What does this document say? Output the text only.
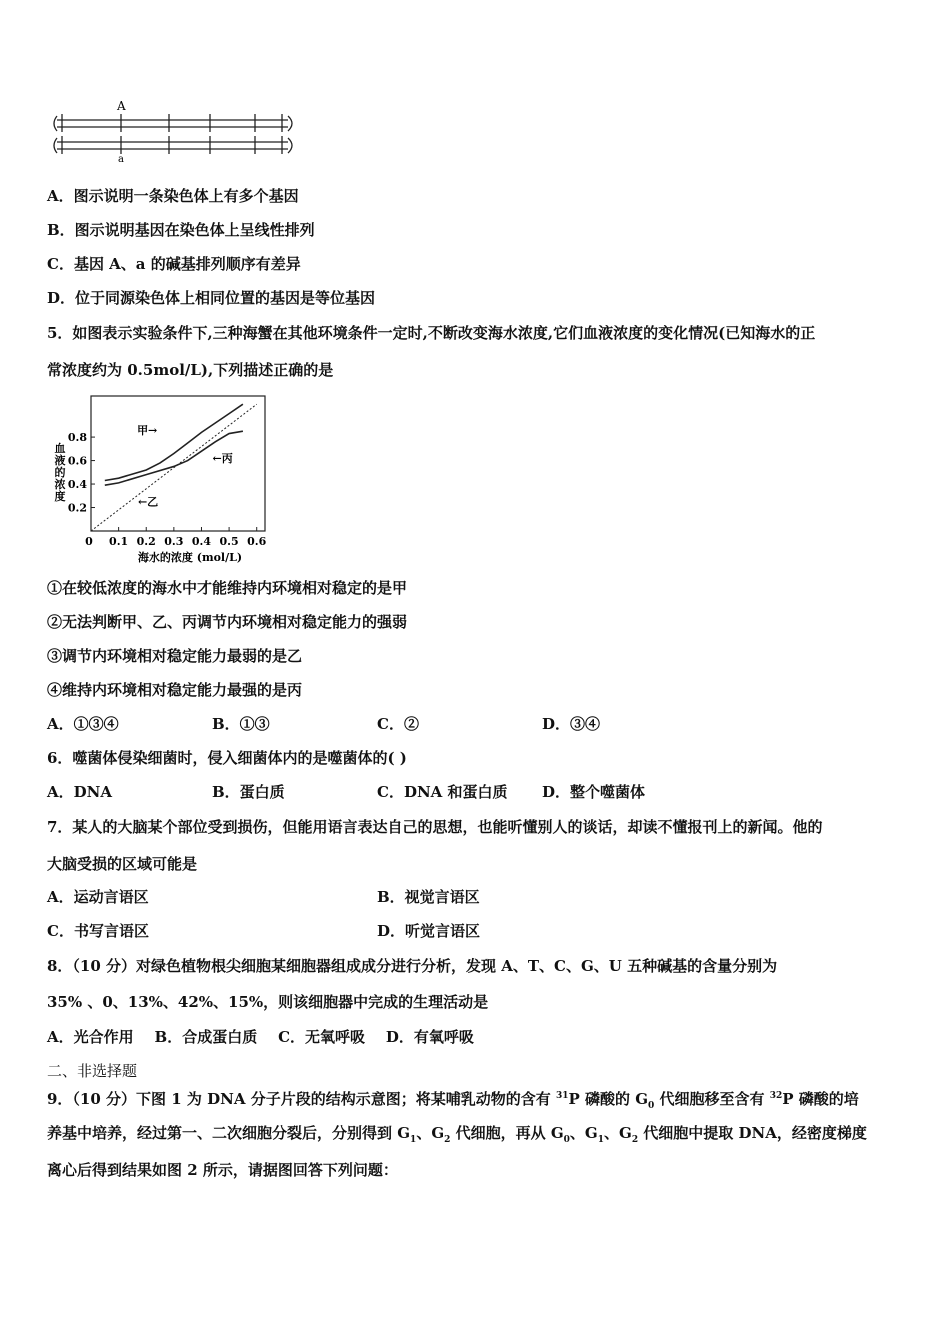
A
a
A．图示说明一条染色体上有多个基因
B．图示说明基因在染色体上呈线性排列
C．基因 A、a 的碱基排列顺序有差异
D．位于同源染色体上相同位置的基因是等位基因
5．如图表示实验条件下,三种海蟹在其他环境条件一定时,不断改变海水浓度,它们血液浓度的变化情况(已知海水的正
常浓度约为 0.5mol/L),下列描述正确的是
血液的浓度
0.2
0.4
0.6
0.8
0 0.1 0.2 0.3 0.4 0.5 0.6
甲→
←乙
←丙
海水的浓度 (mol/L)
①在较低浓度的海水中才能维持内环境相对稳定的是甲
②无法判断甲、乙、丙调节内环境相对稳定能力的强弱
③调节内环境相对稳定能力最弱的是乙
④维持内环境相对稳定能力最强的是丙
A．①③④	B．①③	C．②	D．③④
6．噬菌体侵染细菌时，侵入细菌体内的是噬菌体的( )
A．DNA	B．蛋白质	C．DNA 和蛋白质 D．整个噬菌体
7．某人的大脑某个部位受到损伤，但能用语言表达自己的思想，也能听懂别人的谈话，却读不懂报刊上的新闻。他的
大脑受损的区域可能是
A．运动言语区	B．视觉言语区
C．书写言语区	D．听觉言语区
8．（10 分）对绿色植物根尖细胞某细胞器组成成分进行分析，发现 A、T、C、G、U 五种碱基的含量分别为
35% 、0、13%、42%、15%，则该细胞器中完成的生理活动是
A．光合作用    B．合成蛋白质    C．无氧呼吸    D．有氧呼吸
二、非选择题
9．（10 分）下图 1 为 DNA 分子片段的结构示意图；将某哺乳动物的含有 $^{31}$P 磷酸的 $G_0$ 代细胞移至含有 $^{32}$P 磷酸的培
养基中培养，经过第一、二次细胞分裂后，分别得到 $G_1$、$G_2$ 代细胞，再从 $G_0$、$G_1$、$G_2$ 代细胞中提取 DNA，经密度梯度
离心后得到结果如图 2 所示，请据图回答下列问题：
